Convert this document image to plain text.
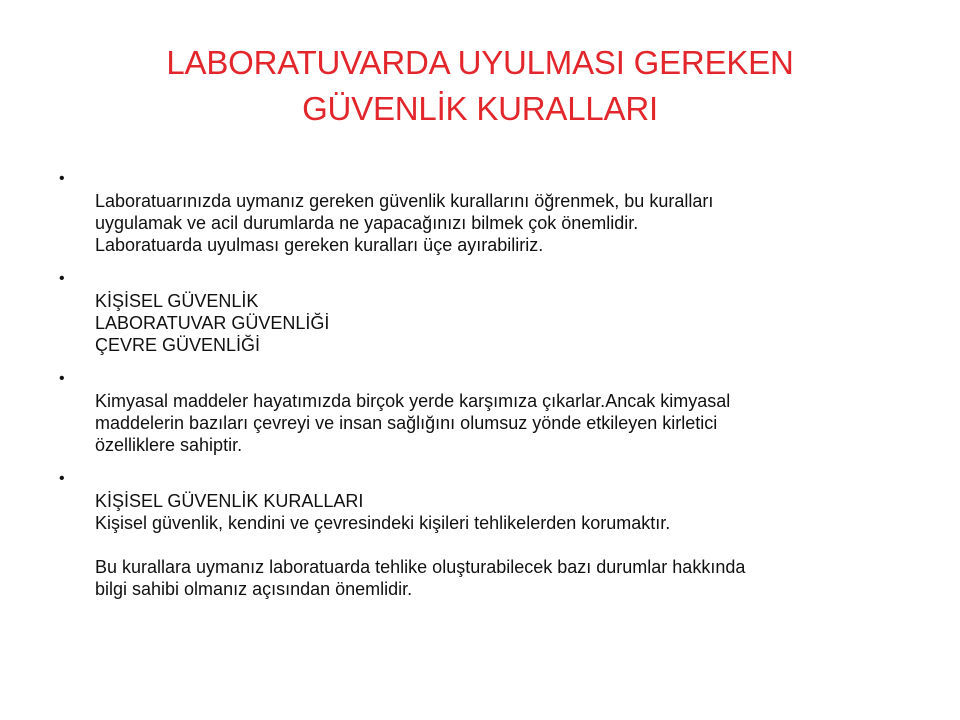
LABORATUVARDA UYULMASI GEREKEN
GÜVENLİK KURALLARI
•
Laboratuarınızda uymanız gereken güvenlik kurallarını öğrenmek, bu kuralları
uygulamak ve acil durumlarda ne yapacağınızı bilmek çok önemlidir.
Laboratuarda uyulması gereken kuralları üçe ayırabiliriz.
•
KİŞİSEL GÜVENLİK
LABORATUVAR GÜVENLİĞİ
ÇEVRE GÜVENLİĞİ
•
Kimyasal maddeler hayatımızda birçok yerde karşımıza çıkarlar.Ancak kimyasal
maddelerin bazıları çevreyi ve insan sağlığını olumsuz yönde etkileyen kirletici
özelliklere sahiptir.
•
KİŞİSEL GÜVENLİK KURALLARI
Kişisel güvenlik, kendini ve çevresindeki kişileri tehlikelerden korumaktır.
Bu kurallara uymanız laboratuarda tehlike oluşturabilecek bazı durumlar hakkında
bilgi sahibi olmanız açısından önemlidir.
